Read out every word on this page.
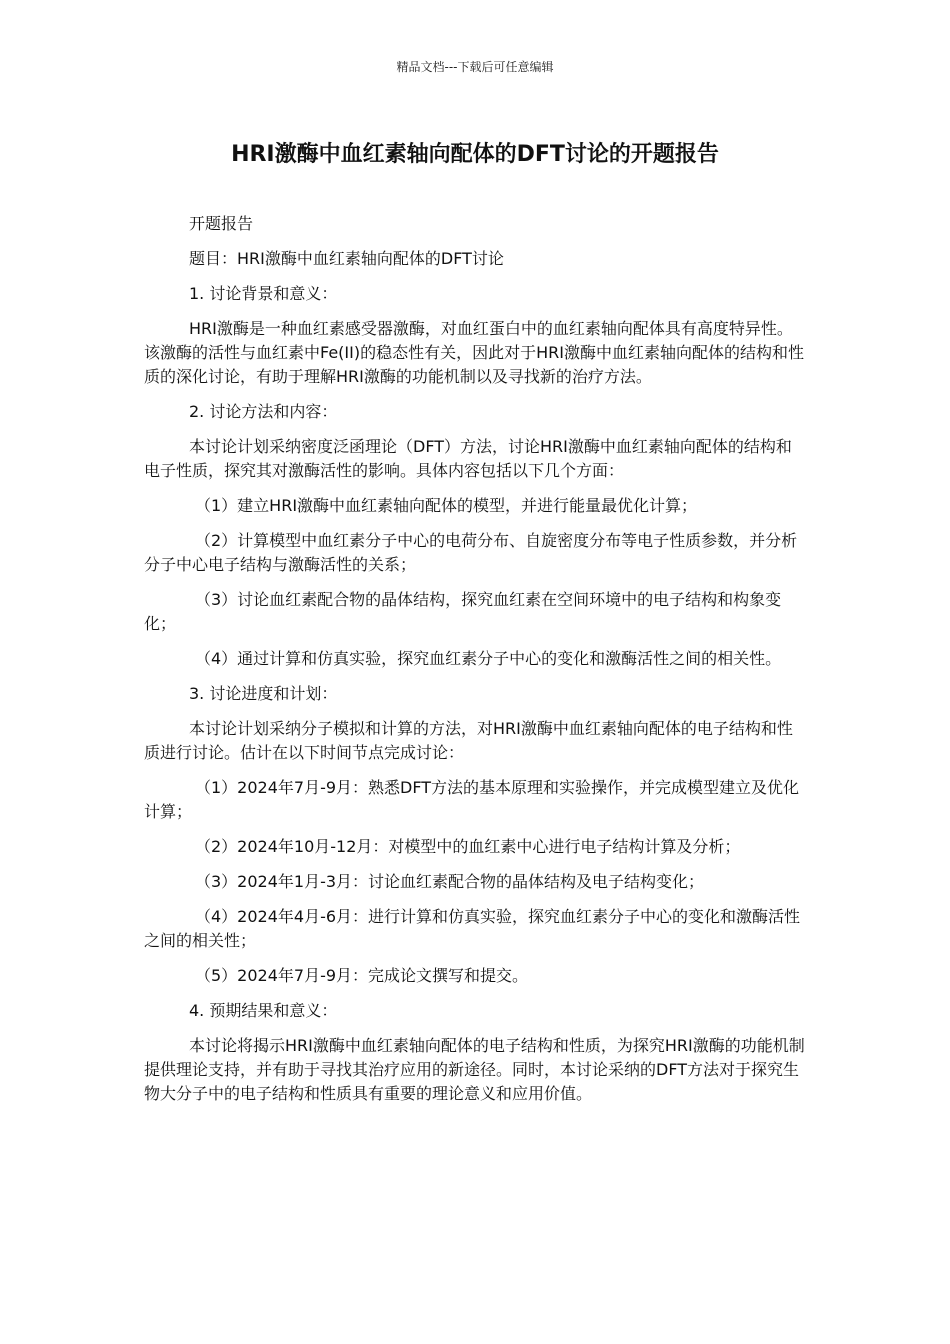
精品文档---下载后可任意编辑
HRI激酶中血红素轴向配体的DFT讨论的开题报告

开题报告

题目：HRI激酶中血红素轴向配体的DFT讨论

1. 讨论背景和意义：

HRI激酶是一种血红素感受器激酶，对血红蛋白中的血红素轴向配体具有高度特异性。该激酶的活性与血红素中Fe(II)的稳态性有关，因此对于HRI激酶中血红素轴向配体的结构和性质的深化讨论，有助于理解HRI激酶的功能机制以及寻找新的治疗方法。

2. 讨论方法和内容：

本讨论计划采纳密度泛函理论（DFT）方法，讨论HRI激酶中血红素轴向配体的结构和电子性质，探究其对激酶活性的影响。具体内容包括以下几个方面：

（1）建立HRI激酶中血红素轴向配体的模型，并进行能量最优化计算；

（2）计算模型中血红素分子中心的电荷分布、自旋密度分布等电子性质参数，并分析分子中心电子结构与激酶活性的关系；

（3）讨论血红素配合物的晶体结构，探究血红素在空间环境中的电子结构和构象变化；

（4）通过计算和仿真实验，探究血红素分子中心的变化和激酶活性之间的相关性。

3. 讨论进度和计划：

本讨论计划采纳分子模拟和计算的方法，对HRI激酶中血红素轴向配体的电子结构和性质进行讨论。估计在以下时间节点完成讨论：

（1）2024年7月-9月：熟悉DFT方法的基本原理和实验操作，并完成模型建立及优化计算；

（2）2024年10月-12月：对模型中的血红素中心进行电子结构计算及分析；

（3）2024年1月-3月：讨论血红素配合物的晶体结构及电子结构变化；

（4）2024年4月-6月：进行计算和仿真实验，探究血红素分子中心的变化和激酶活性之间的相关性；

（5）2024年7月-9月：完成论文撰写和提交。

4. 预期结果和意义：

本讨论将揭示HRI激酶中血红素轴向配体的电子结构和性质，为探究HRI激酶的功能机制提供理论支持，并有助于寻找其治疗应用的新途径。同时，本讨论采纳的DFT方法对于探究生物大分子中的电子结构和性质具有重要的理论意义和应用价值。
